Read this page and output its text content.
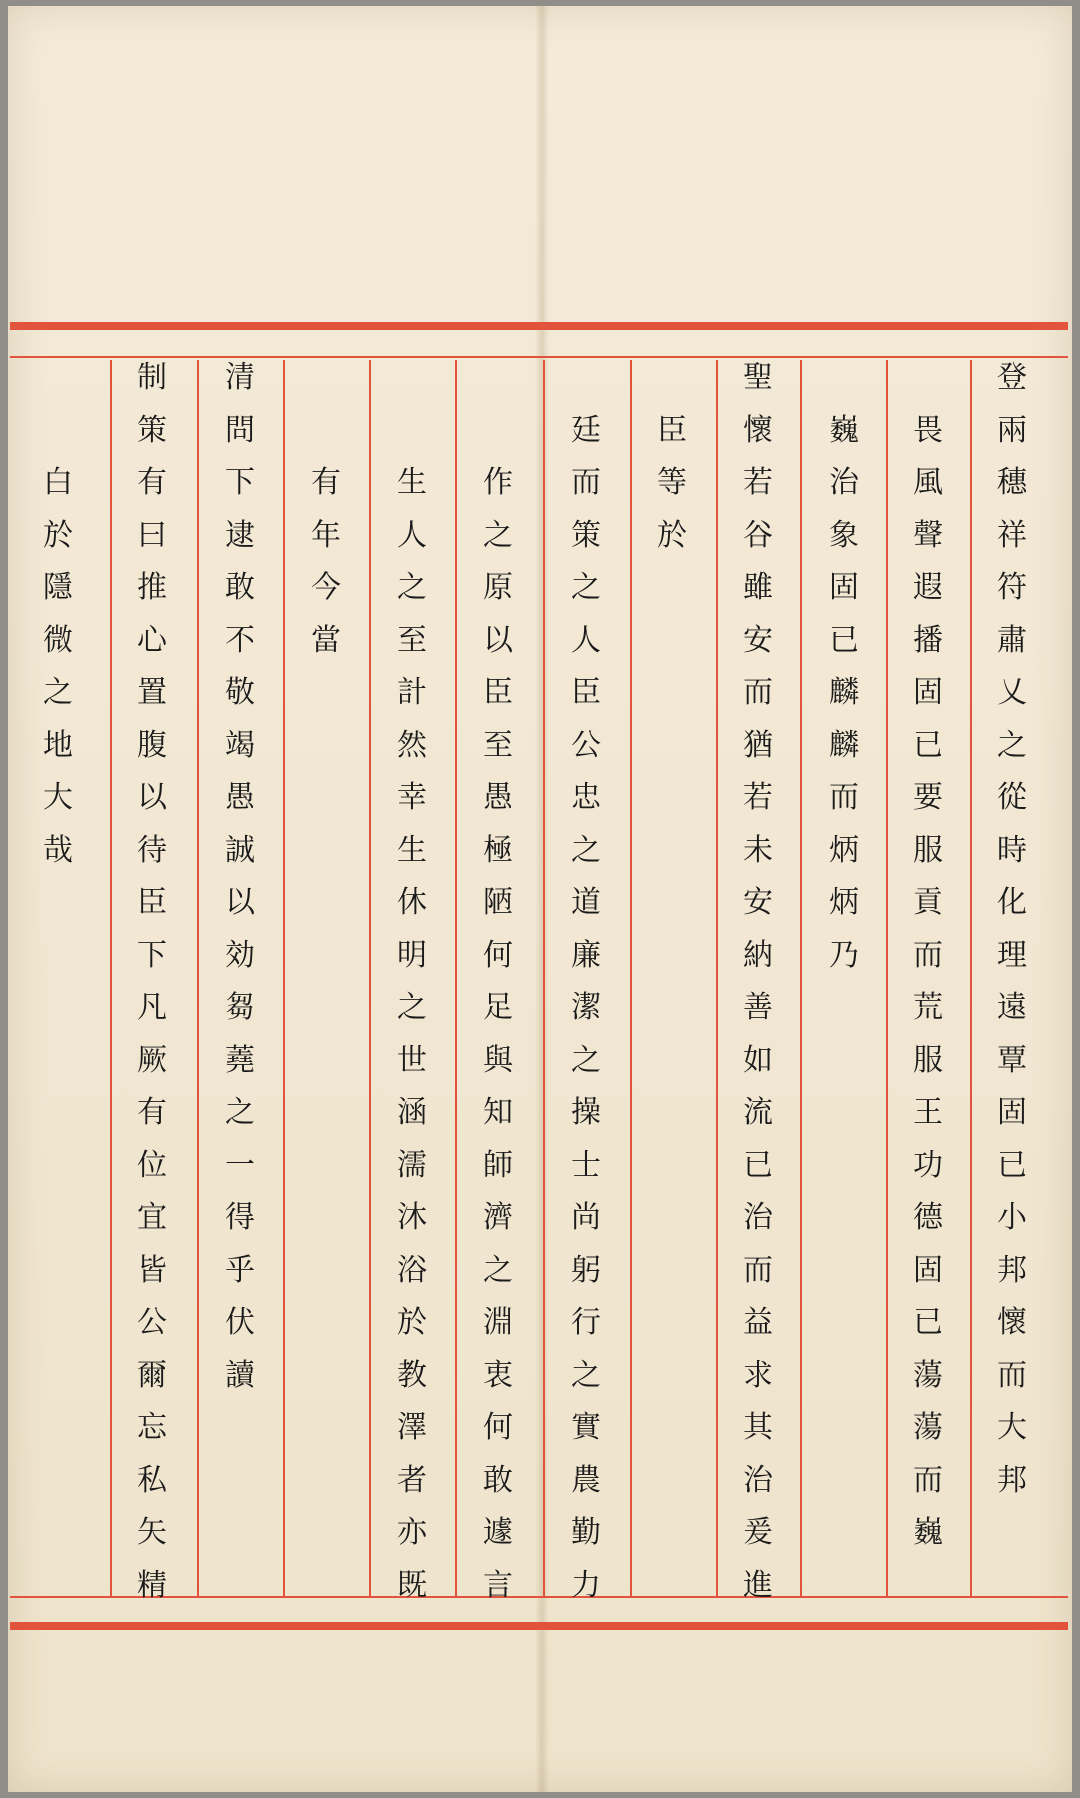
登
兩
穗
祥
符
肅
乂
之
從
時
化
理
遠
覃
固
已
小
邦
懷
而
大
邦
畏
風
聲
遐
播
固
已
要
服
貢
而
荒
服
王
功
德
固
已
蕩
蕩
而
巍
巍
治
象
固
已
麟
麟
而
炳
炳
乃
聖
懷
若
谷
雖
安
而
猶
若
未
安
納
善
如
流
已
治
而
益
求
其
治
爰
進
臣
等
於
廷
而
策
之
人
臣
公
忠
之
道
廉
潔
之
操
士
尚
躬
行
之
實
農
勤
力
作
之
原
以
臣
至
愚
極
陋
何
足
與
知
師
濟
之
淵
衷
何
敢
遽
言
生
人
之
至
計
然
幸
生
休
明
之
世
涵
濡
沐
浴
於
教
澤
者
亦
既
有
年
今
當
清
問
下
逮
敢
不
敬
竭
愚
誠
以
効
芻
蕘
之
一
得
乎
伏
讀
制
策
有
曰
推
心
置
腹
以
待
臣
下
凡
厥
有
位
宜
皆
公
爾
忘
私
矢
精
白
於
隱
微
之
地
大
哉
